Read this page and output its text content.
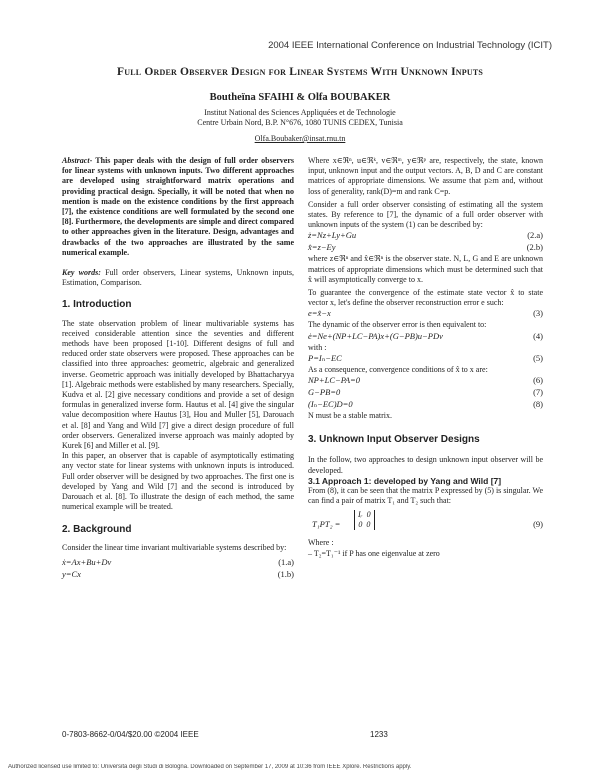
2004 IEEE International Conference on Industrial Technology (ICIT)
Full Order Observer Design for Linear Systems With Unknown Inputs
Boutheïna SFAIHI & Olfa BOUBAKER
Institut National des Sciences Appliquées et de Technologie
Centre Urbain Nord, B.P. N°676, 1080 TUNIS CEDEX, Tunisia
Olfa.Boubaker@insat.rnu.tn

Abstract- This paper deals with the design of full order observers for linear systems with unknown inputs. Two different approaches are developed using straightforward matrix operations and providing practical design. Specially, it will be noted that when no mention is made on the existence conditions by the first approach [7], the existence conditions are well formulated by the second one [8]. Furthermore, the developments are simple and direct compared to other approaches given in the literature. Design, advantages and drawbacks of the two approaches are illustrated by the same numerical example.

Key words: Full order observers, Linear systems, Unknown inputs, Estimation, Comparison.

1. Introduction

The state observation problem of linear multivariable systems has received considerable attention since the seventies and different methods have been proposed [1-10]. Different designs of full and reduced order state observers were proposed. These approaches can be classified into three approaches: geometric, algebraic and generalized inverse. Geometric approach was initially developed by Bhattacharyya [1]. Algebraic methods were established by many researchers. Specially, Kudva et al. [2] give necessary conditions and provide a set of design formulas in generalized inverse form. Hautus et al. [4] give the singular value decomposition where Hautus [3], Hou and Muller [5], Darouach et al. [8] and Yang and Wild [7] give a direct design procedure of full order observers. Generalized inverse approach was mainly adopted by Kurek [6] and Miller et al. [9].

In this paper, an observer that is capable of asymptotically estimating any vector state for linear systems with unknown inputs is introduced. Full order observer will be designed by two approaches. The first one is developed by Yang and Wild [7] and the second is introduced by Darouach et al. [8]. To illustrate the design of each method, the same numerical example will be treated.

2. Background

Consider the linear time invariant multivariable systems described by:

ẋ=Ax+Bu+Dv	(1.a)
y=Cx	(1.b)

Where x∈ℜⁿ, u∈ℜᵏ, v∈ℜᵐ, y∈ℜᵖ are, respectively, the state, known input, unknown input and the output vectors. A, B, D and C are constant matrices of appropriate dimensions. We assume that p≥m and, without loss of generality, rank(D)=m and rank C=p.

Consider a full order observer consisting of estimating all the system states. By reference to [7], the dynamic of a full order observer with unknown inputs of the system (1) can be described by:

ż=Nz+Ly+Gu	(2.a)
x̂=z−Ey	(2.b)

where z∈ℜⁿ and x̂∈ℜⁿ is the observer state. N, L, G and E are unknown matrices of appropriate dimensions which must be determined such that x̂ will asymptotically converge to x.

To guarantee the convergence of the estimate state vector x̂ to state vector x, let's define the observer reconstruction error e such:

e=x̂−x	(3)

The dynamic of the observer error is then equivalent to:

ė=Ne+(NP+LC−PA)x+(G−PB)u−PDv	(4)

with :

P=Iₙ−EC	(5)

As a consequence, convergence conditions of x̂ to x are:

NP+LC−PA=0	(6)
G−PB=0	(7)
(Iₙ−EC)D=0	(8)

N must be a stable matrix.

3. Unknown Input Observer Designs

In the follow, two approaches to design unknown input observer will be developed.

3.1 Approach 1: developed by Yang and Wild [7]

From (8), it can be seen that the matrix P expressed by (5) is singular. We can find a pair of matrix T₁ and T₂ such that:

T₁PT₂ =
Iᵣ 0
0 0	(9)

Where :

– T₂=T₁⁻¹ if P has one eigenvalue at zero

0-7803-8662-0/04/$20.00 ©2004 IEEE	1233
Authorized licensed use limited to: Universita degli Studi di Bologna. Downloaded on September 17, 2009 at 10:36 from IEEE Xplore. Restrictions apply.
